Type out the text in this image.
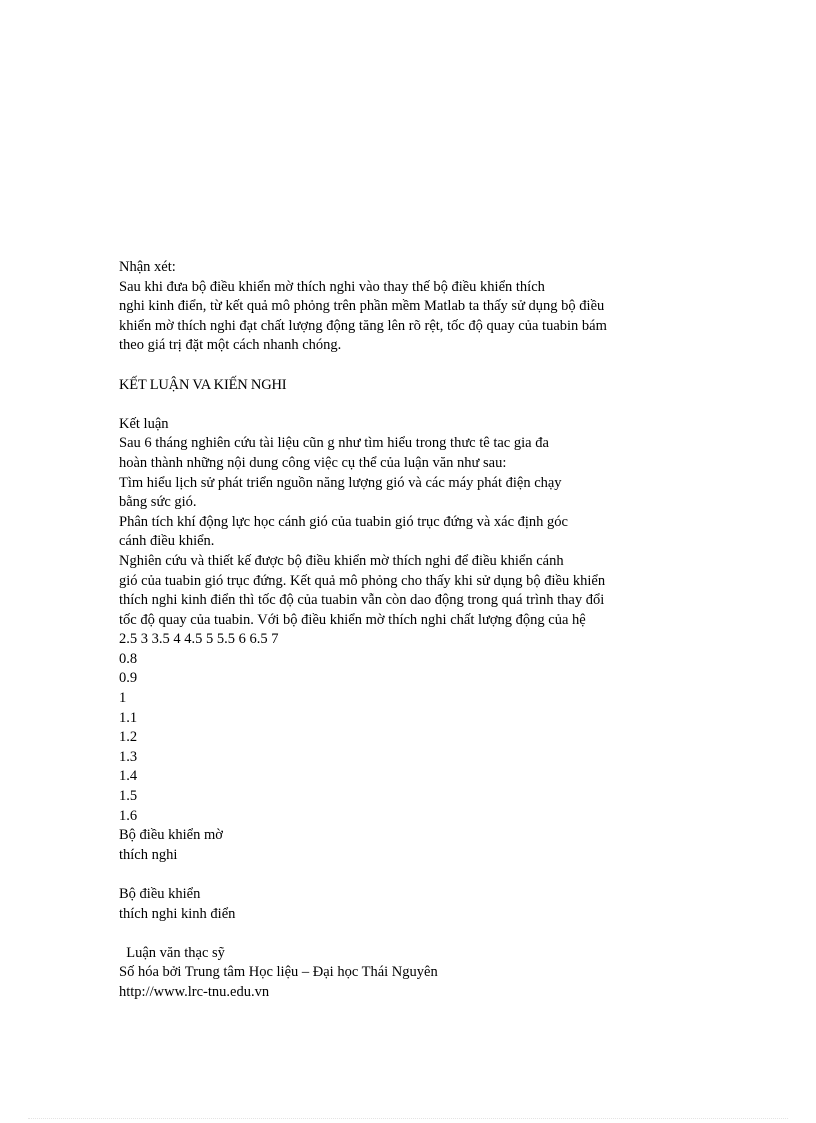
Nhận xét:
Sau khi đưa bộ điều khiển mờ thích nghi vào thay thế bộ điều khiển thích
nghi kinh điển, từ kết quả mô phỏng trên phần mềm Matlab ta thấy sử dụng bộ điều
khiển mờ thích nghi đạt chất lượng động tăng lên rõ rệt, tốc độ quay của tuabin bám
theo giá trị đặt một cách nhanh chóng.
KẾT LUẬN VA KIẾN NGHI
Kết luận
Sau 6 tháng nghiên cứu tài liệu cũn g như tìm hiểu trong thưc tê tac gia đa
hoàn thành những nội dung công việc cụ thể của luận văn như sau:
Tìm hiểu lịch sử phát triển nguồn năng lượng gió và các máy phát điện chạy
bằng sức gió.
Phân tích khí động lực học cánh gió của tuabin gió trục đứng và xác định góc
cánh điều khiển.
Nghiên cứu và thiết kế được bộ điều khiển mờ thích nghi để điều khiển cánh
gió của tuabin gió trục đứng. Kết quả mô phỏng cho thấy khi sử dụng bộ điều khiển
thích nghi kinh điển thì tốc độ của tuabin vẫn còn dao động trong quá trình thay đổi
tốc độ quay của tuabin. Với bộ điều khiển mờ thích nghi chất lượng động của hệ
2.5 3 3.5 4 4.5 5 5.5 6 6.5 7
0.8
0.9
1
1.1
1.2
1.3
1.4
1.5
1.6
Bộ điều khiển mờ
thích nghi
Bộ điều khiển
thích nghi kinh điển
Luận văn thạc sỹ
Số hóa bởi Trung tâm Học liệu – Đại học Thái Nguyên
http://www.lrc-tnu.edu.vn
